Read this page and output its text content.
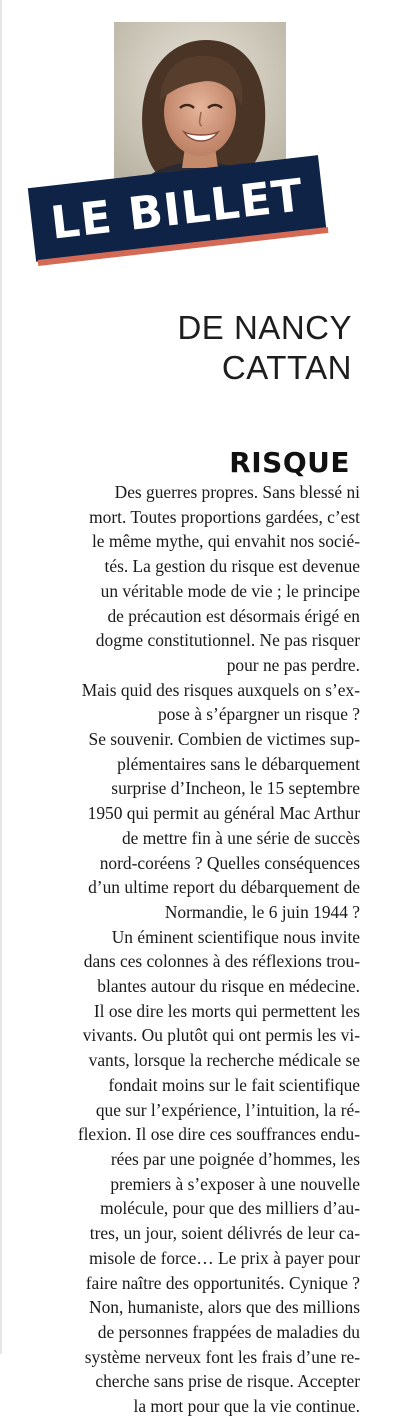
LE BILLET
DE NANCY
CATTAN
RISQUE
Des guerres propres. Sans blessé ni
mort. Toutes proportions gardées, c’est
le même mythe, qui envahit nos socié-
tés. La gestion du risque est devenue
un véritable mode de vie ; le principe
de précaution est désormais érigé en
dogme constitutionnel. Ne pas risquer
pour ne pas perdre.
Mais quid des risques auxquels on s’ex-
pose à s’épargner un risque ?
Se souvenir. Combien de victimes sup-
plémentaires sans le débarquement
surprise d’Incheon, le 15 septembre
1950 qui permit au général Mac Arthur
de mettre fin à une série de succès
nord-coréens ? Quelles conséquences
d’un ultime report du débarquement de
Normandie, le 6 juin 1944 ?
Un éminent scientifique nous invite
dans ces colonnes à des réflexions trou-
blantes autour du risque en médecine.
Il ose dire les morts qui permettent les
vivants. Ou plutôt qui ont permis les vi-
vants, lorsque la recherche médicale se
fondait moins sur le fait scientifique
que sur l’expérience, l’intuition, la ré-
flexion. Il ose dire ces souffrances endu-
rées par une poignée d’hommes, les
premiers à s’exposer à une nouvelle
molécule, pour que des milliers d’au-
tres, un jour, soient délivrés de leur ca-
misole de force… Le prix à payer pour
faire naître des opportunités. Cynique ?
Non, humaniste, alors que des millions
de personnes frappées de maladies du
système nerveux font les frais d’une re-
cherche sans prise de risque. Accepter
la mort pour que la vie continue.
